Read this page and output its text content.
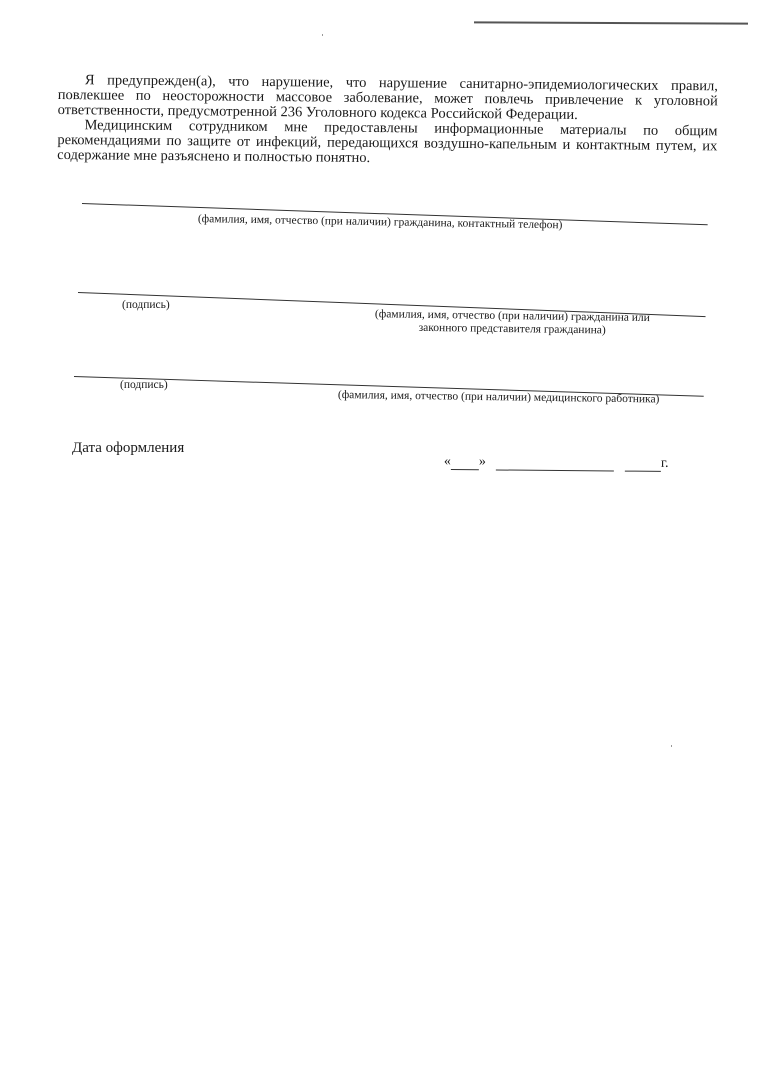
Я предупрежден(а), что нарушение, что нарушение санитарно-эпидемиологических правил, повлекшее по неосторожности массовое заболевание, может повлечь привлечение к уголовной ответственности, предусмотренной 236 Уголовного кодекса Российской Федерации.

Медицинским сотрудником мне предоставлены информационные материалы по общим рекомендациями по защите от инфекций, передающихся воздушно-капельным и контактным путем, их содержание мне разъяснено и полностью понятно.

(фамилия, имя, отчество (при наличии) гражданина, контактный телефон)
(подпись)
(фамилия, имя, отчество (при наличии) гражданина или
законного представителя гражданина)
(подпись)
(фамилия, имя, отчество (при наличии) медицинского работника)
Дата оформления
« »	г.
